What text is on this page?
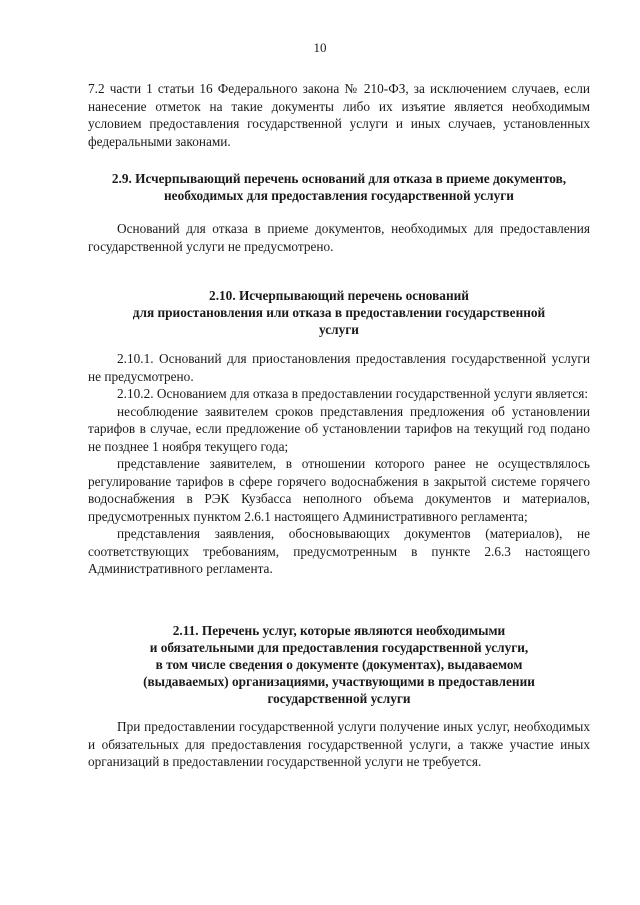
10

7.2 части 1 статьи 16 Федерального закона № 210-ФЗ, за исключением случаев, если нанесение отметок на такие документы либо их изъятие является необходимым условием предоставления государственной услуги и иных случаев, установленных федеральными законами.

2.9. Исчерпывающий перечень оснований для отказа в приеме документов,
необходимых для предоставления государственной услуги

Оснований для отказа в приеме документов, необходимых для предоставления государственной услуги не предусмотрено.

2.10. Исчерпывающий перечень оснований
для приостановления или отказа в предоставлении государственной
услуги

2.10.1. Оснований для приостановления предоставления государственной услуги не предусмотрено.

2.10.2. Основанием для отказа в предоставлении государственной услуги является:

несоблюдение заявителем сроков представления предложения об установлении тарифов в случае, если предложение об установлении тарифов на текущий год подано не позднее 1 ноября текущего года;

представление заявителем, в отношении которого ранее не осуществлялось регулирование тарифов в сфере горячего водоснабжения в закрытой системе горячего водоснабжения в РЭК Кузбасса неполного объема документов и материалов, предусмотренных пунктом 2.6.1 настоящего Административного регламента;

представления заявления, обосновывающих документов (материалов), не соответствующих требованиям, предусмотренным в пункте 2.6.3 настоящего Административного регламента.

2.11. Перечень услуг, которые являются необходимыми
и обязательными для предоставления государственной услуги,
в том числе сведения о документе (документах), выдаваемом
(выдаваемых) организациями, участвующими в предоставлении
государственной услуги

При предоставлении государственной услуги получение иных услуг, необходимых и обязательных для предоставления государственной услуги, а также участие иных организаций в предоставлении государственной услуги не требуется.
